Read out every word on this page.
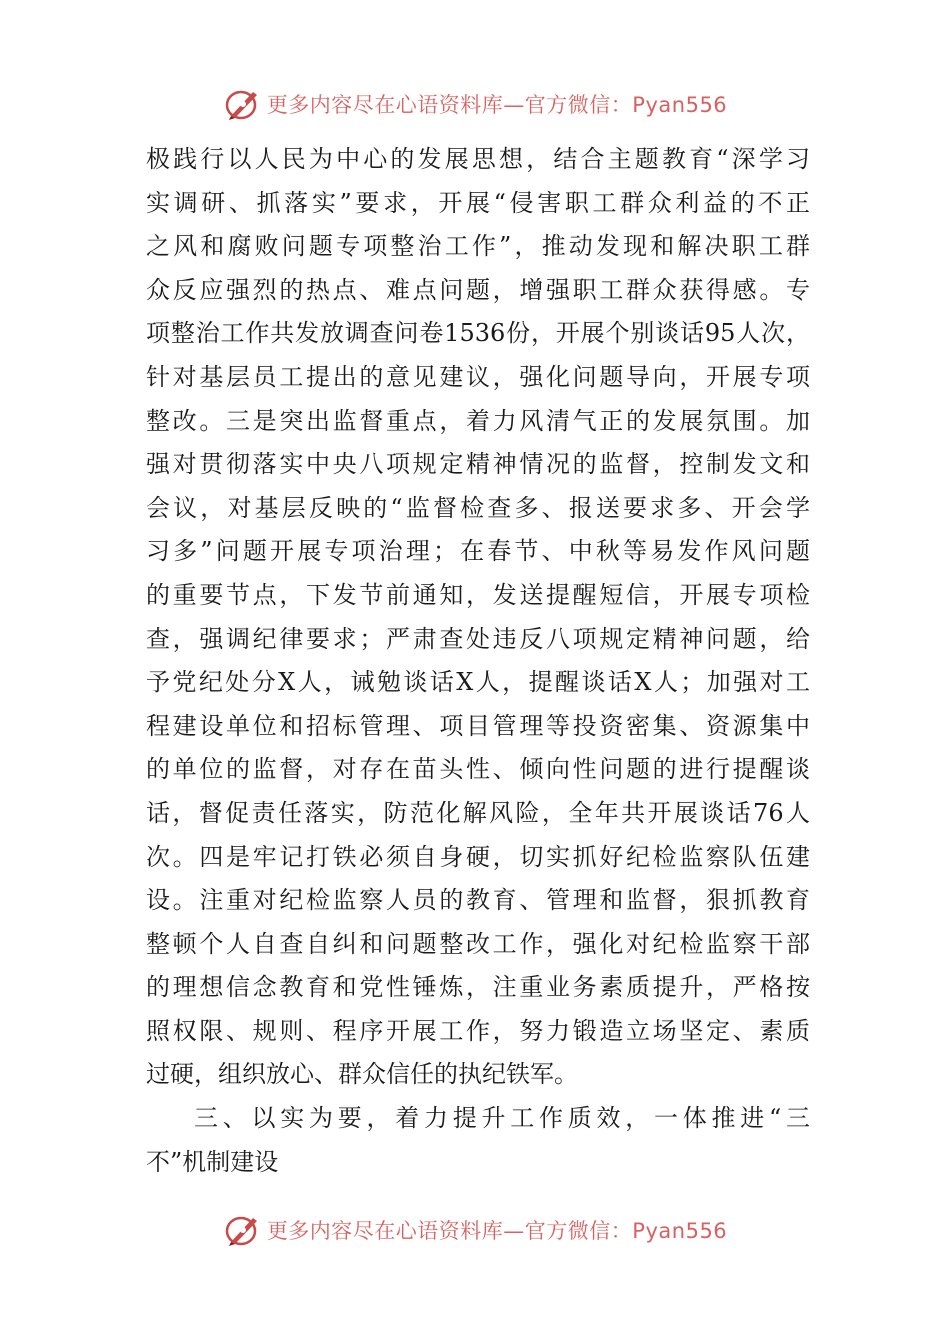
更多内容尽在心语资料库—官方微信：Pyan556
极践行以人民为中心的发展思想，结合主题教育“深学习
实调研、抓落实”要求，开展“侵害职工群众利益的不正
之风和腐败问题专项整治工作”，推动发现和解决职工群
众反应强烈的热点、难点问题，增强职工群众获得感。专
项整治工作共发放调查问卷1536份，开展个别谈话95人次，
针对基层员工提出的意见建议，强化问题导向，开展专项
整改。三是突出监督重点，着力风清气正的发展氛围。加
强对贯彻落实中央八项规定精神情况的监督，控制发文和
会议，对基层反映的“监督检查多、报送要求多、开会学
习多”问题开展专项治理；在春节、中秋等易发作风问题
的重要节点，下发节前通知，发送提醒短信，开展专项检
查，强调纪律要求；严肃查处违反八项规定精神问题，给
予党纪处分X人，诫勉谈话X人，提醒谈话X人；加强对工
程建设单位和招标管理、项目管理等投资密集、资源集中
的单位的监督，对存在苗头性、倾向性问题的进行提醒谈
话，督促责任落实，防范化解风险，全年共开展谈话76人
次。四是牢记打铁必须自身硬，切实抓好纪检监察队伍建
设。注重对纪检监察人员的教育、管理和监督，狠抓教育
整顿个人自查自纠和问题整改工作，强化对纪检监察干部
的理想信念教育和党性锤炼，注重业务素质提升，严格按
照权限、规则、程序开展工作，努力锻造立场坚定、素质
过硬，组织放心、群众信任的执纪铁军。
三、以实为要，着力提升工作质效，一体推进“三
不”机制建设
更多内容尽在心语资料库—官方微信：Pyan556
